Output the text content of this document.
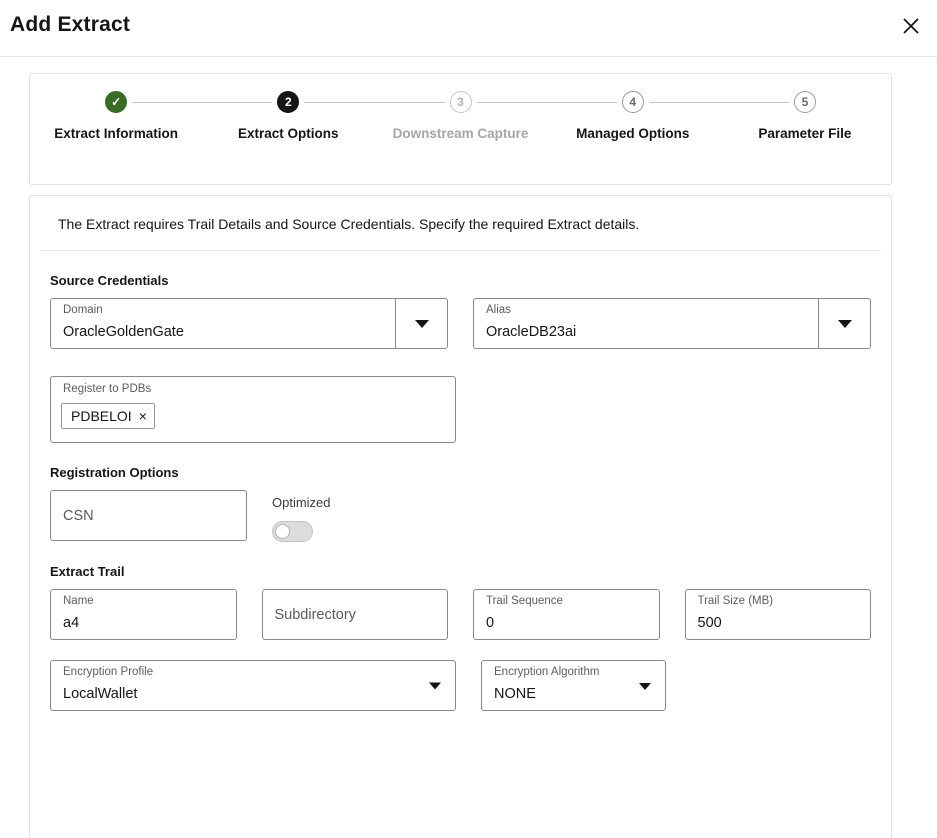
Add Extract
✓
Extract Information
2
Extract Options
3
Downstream Capture
4
Managed Options
5
Parameter File
The Extract requires Trail Details and Source Credentials. Specify the required Extract details.
Source Credentials
Domain
OracleGoldenGate
Alias
OracleDB23ai
Register to PDBs
PDBELOI ×
Registration Options
CSN
Optimized
Extract Trail
Name
a4
Subdirectory
Trail Sequence
0
Trail Size (MB)
500
Encryption Profile
LocalWallet
Encryption Algorithm
NONE
